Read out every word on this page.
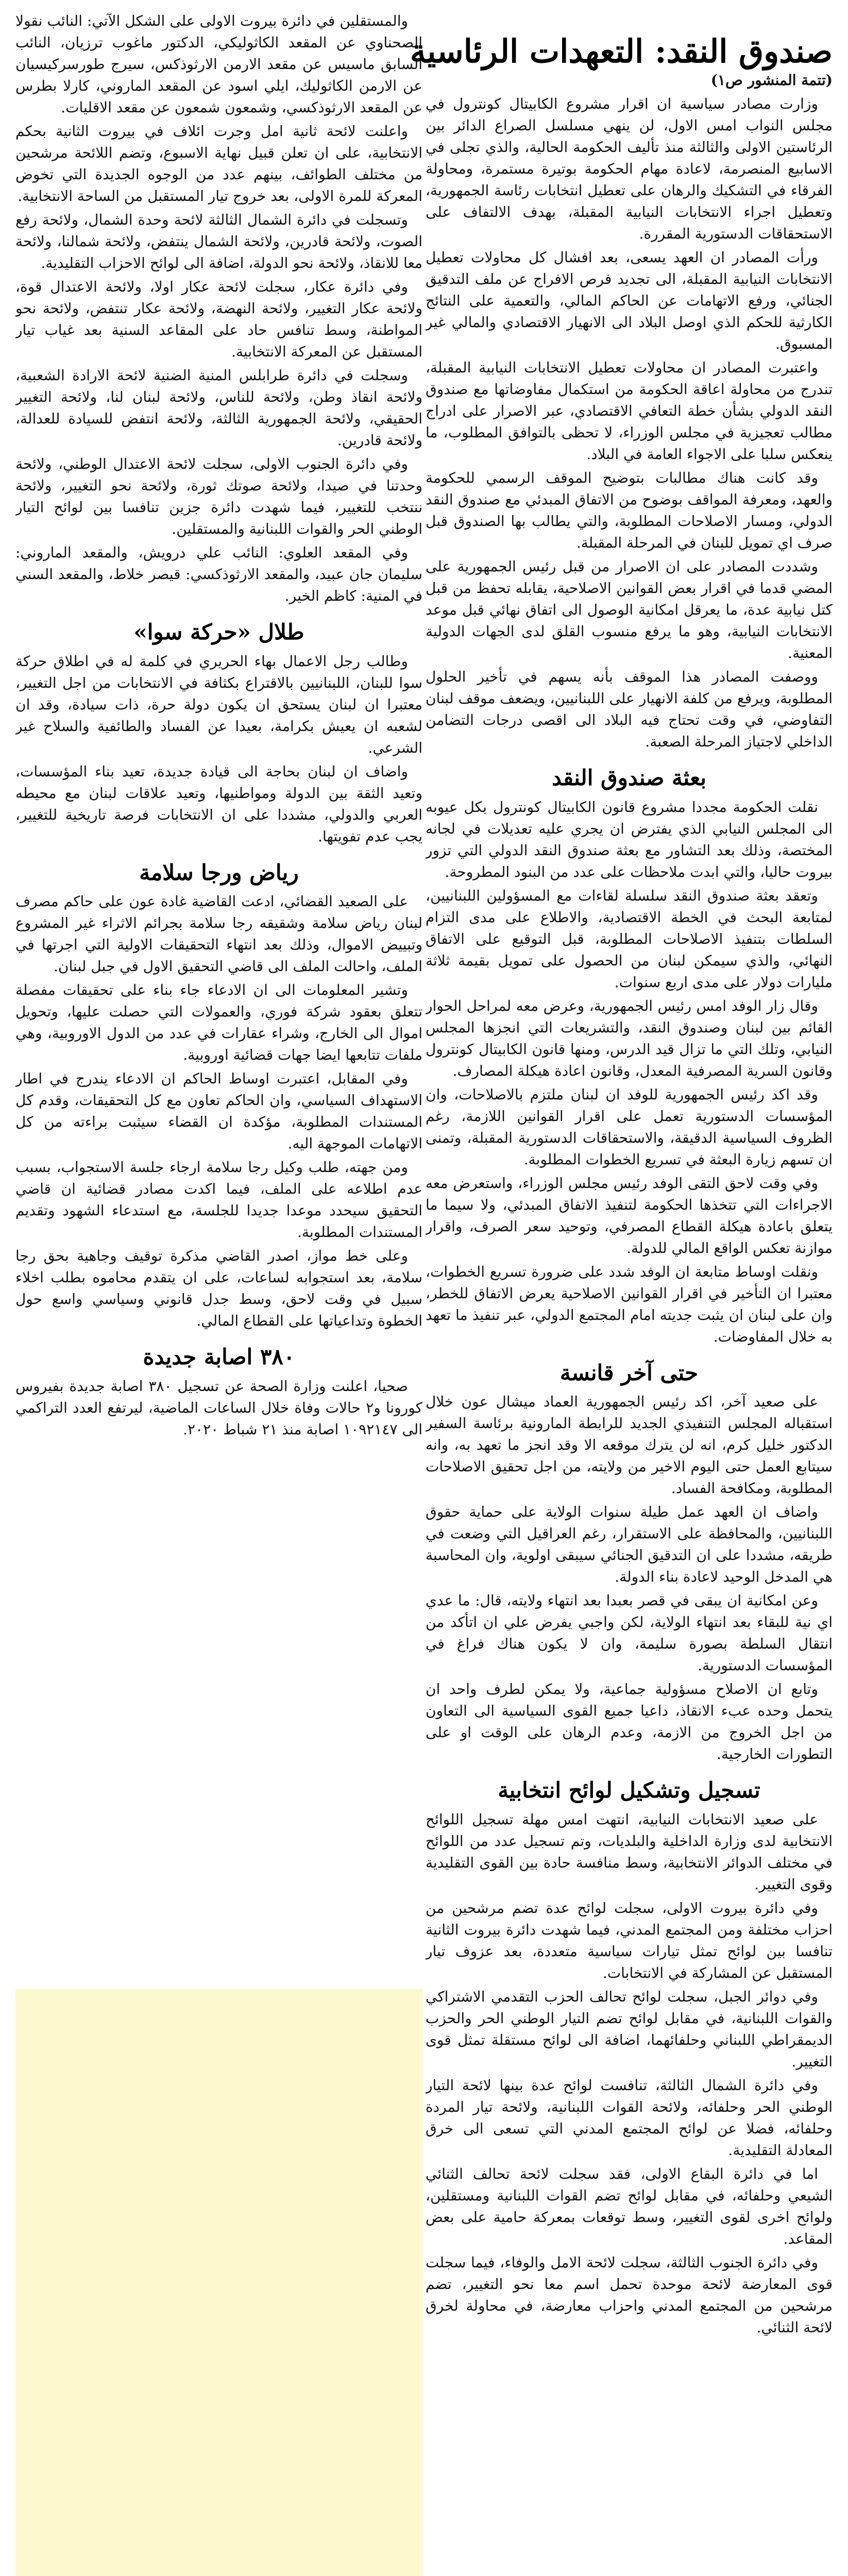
صندوق النقد: التعهدات الرئاسية

(تتمة المنشور ص١)

وزارت مصادر سياسية ان اقرار مشروع الكابيتال كونترول في مجلس النواب امس الاول، لن ينهي مسلسل الصراع الدائر بين الرئاستين الاولى والثالثة منذ تأليف الحكومة الحالية، والذي تجلى في الاسابيع المنصرمة، لاعادة مهام الحكومة بوتيرة مستمرة، ومحاولة الفرقاء في التشكيك والرهان على تعطيل انتخابات رئاسة الجمهورية، وتعطيل اجراء الانتخابات النيابية المقبلة، بهدف الالتفاف على الاستحقاقات الدستورية المقررة.

ورأت المصادر ان العهد يسعى، بعد افشال كل محاولات تعطيل الانتخابات النيابية المقبلة، الى تجديد فرص الافراج عن ملف التدقيق الجنائي، ورفع الاتهامات عن الحاكم المالي، والتعمية على النتائج الكارثية للحكم الذي اوصل البلاد الى الانهيار الاقتصادي والمالي غير المسبوق.

واعتبرت المصادر ان محاولات تعطيل الانتخابات النيابية المقبلة، تندرج من محاولة اعاقة الحكومة من استكمال مفاوضاتها مع صندوق النقد الدولي بشأن خطة التعافي الاقتصادي، عبر الاصرار على ادراج مطالب تعجيزية في مجلس الوزراء، لا تحظى بالتوافق المطلوب، ما ينعكس سلبا على الاجواء العامة في البلاد.

وقد كانت هناك مطالبات بتوضيح الموقف الرسمي للحكومة والعهد، ومعرفة المواقف بوضوح من الاتفاق المبدئي مع صندوق النقد الدولي، ومسار الاصلاحات المطلوبة، والتي يطالب بها الصندوق قبل صرف اي تمويل للبنان في المرحلة المقبلة.

وشددت المصادر على ان الاصرار من قبل رئيس الجمهورية على المضي قدما في اقرار بعض القوانين الاصلاحية، يقابله تحفظ من قبل كتل نيابية عدة، ما يعرقل امكانية الوصول الى اتفاق نهائي قبل موعد الانتخابات النيابية، وهو ما يرفع منسوب القلق لدى الجهات الدولية المعنية.

ووصفت المصادر هذا الموقف بأنه يسهم في تأخير الحلول المطلوبة، ويرفع من كلفة الانهيار على اللبنانيين، ويضعف موقف لبنان التفاوضي، في وقت تحتاج فيه البلاد الى اقصى درجات التضامن الداخلي لاجتياز المرحلة الصعبة.

بعثة صندوق النقد

نقلت الحكومة مجددا مشروع قانون الكابيتال كونترول بكل عيوبه الى المجلس النيابي الذي يفترض ان يجري عليه تعديلات في لجانه المختصة، وذلك بعد التشاور مع بعثة صندوق النقد الدولي التي تزور بيروت حاليا، والتي ابدت ملاحظات على عدد من البنود المطروحة.

وتعقد بعثة صندوق النقد سلسلة لقاءات مع المسؤولين اللبنانيين، لمتابعة البحث في الخطة الاقتصادية، والاطلاع على مدى التزام السلطات بتنفيذ الاصلاحات المطلوبة، قبل التوقيع على الاتفاق النهائي، والذي سيمكن لبنان من الحصول على تمويل بقيمة ثلاثة مليارات دولار على مدى اربع سنوات.

وقال زار الوفد امس رئيس الجمهورية، وعرض معه لمراحل الحوار القائم بين لبنان وصندوق النقد، والتشريعات التي انجزها المجلس النيابي، وتلك التي ما تزال قيد الدرس، ومنها قانون الكابيتال كونترول وقانون السرية المصرفية المعدل، وقانون اعادة هيكلة المصارف.

وقد اكد رئيس الجمهورية للوفد ان لبنان ملتزم بالاصلاحات، وان المؤسسات الدستورية تعمل على اقرار القوانين اللازمة، رغم الظروف السياسية الدقيقة، والاستحقاقات الدستورية المقبلة، وتمنى ان تسهم زيارة البعثة في تسريع الخطوات المطلوبة.

وفي وقت لاحق التقى الوفد رئيس مجلس الوزراء، واستعرض معه الاجراءات التي تتخذها الحكومة لتنفيذ الاتفاق المبدئي، ولا سيما ما يتعلق باعادة هيكلة القطاع المصرفي، وتوحيد سعر الصرف، واقرار موازنة تعكس الواقع المالي للدولة.

ونقلت اوساط متابعة ان الوفد شدد على ضرورة تسريع الخطوات، معتبرا ان التأخير في اقرار القوانين الاصلاحية يعرض الاتفاق للخطر، وان على لبنان ان يثبت جديته امام المجتمع الدولي، عبر تنفيذ ما تعهد به خلال المفاوضات.

حتى آخر قانسة

على صعيد آخر، اكد رئيس الجمهورية العماد ميشال عون خلال استقباله المجلس التنفيذي الجديد للرابطة المارونية برئاسة السفير الدكتور خليل كرم، انه لن يترك موقعه الا وقد انجز ما تعهد به، وانه سيتابع العمل حتى اليوم الاخير من ولايته، من اجل تحقيق الاصلاحات المطلوبة، ومكافحة الفساد.

واضاف ان العهد عمل طيلة سنوات الولاية على حماية حقوق اللبنانيين، والمحافظة على الاستقرار، رغم العراقيل التي وضعت في طريقه، مشددا على ان التدقيق الجنائي سيبقى اولوية، وان المحاسبة هي المدخل الوحيد لاعادة بناء الدولة.

وعن امكانية ان يبقى في قصر بعبدا بعد انتهاء ولايته، قال: ما عدي اي نية للبقاء بعد انتهاء الولاية، لكن واجبي يفرض علي ان اتأكد من انتقال السلطة بصورة سليمة، وان لا يكون هناك فراغ في المؤسسات الدستورية.

وتابع ان الاصلاح مسؤولية جماعية، ولا يمكن لطرف واحد ان يتحمل وحده عبء الانقاذ، داعيا جميع القوى السياسية الى التعاون من اجل الخروج من الازمة، وعدم الرهان على الوقت او على التطورات الخارجية.

تسجيل وتشكيل لوائح انتخابية

على صعيد الانتخابات النيابية، انتهت امس مهلة تسجيل اللوائح الانتخابية لدى وزارة الداخلية والبلديات، وتم تسجيل عدد من اللوائح في مختلف الدوائر الانتخابية، وسط منافسة حادة بين القوى التقليدية وقوى التغيير.

وفي دائرة بيروت الاولى، سجلت لوائح عدة تضم مرشحين من احزاب مختلفة ومن المجتمع المدني، فيما شهدت دائرة بيروت الثانية تنافسا بين لوائح تمثل تيارات سياسية متعددة، بعد عزوف تيار المستقبل عن المشاركة في الانتخابات.

وفي دوائر الجبل، سجلت لوائح تحالف الحزب التقدمي الاشتراكي والقوات اللبنانية، في مقابل لوائح تضم التيار الوطني الحر والحزب الديمقراطي اللبناني وحلفائهما، اضافة الى لوائح مستقلة تمثل قوى التغيير.

وفي دائرة الشمال الثالثة، تنافست لوائح عدة بينها لائحة التيار الوطني الحر وحلفائه، ولائحة القوات اللبنانية، ولائحة تيار المردة وحلفائه، فضلا عن لوائح المجتمع المدني التي تسعى الى خرق المعادلة التقليدية.

اما في دائرة البقاع الاولى، فقد سجلت لائحة تحالف الثنائي الشيعي وحلفائه، في مقابل لوائح تضم القوات اللبنانية ومستقلين، ولوائح اخرى لقوى التغيير، وسط توقعات بمعركة حامية على بعض المقاعد.

وفي دائرة الجنوب الثالثة، سجلت لائحة الامل والوفاء، فيما سجلت قوى المعارضة لائحة موحدة تحمل اسم معا نحو التغيير، تضم مرشحين من المجتمع المدني واحزاب معارضة، في محاولة لخرق لائحة الثنائي.

والمستقلين في دائرة بيروت الاولى على الشكل الآتي: النائب نقولا الصحناوي عن المقعد الكاثوليكي، الدكتور ماغوب ترزيان، النائب السابق ماسيس عن مقعد الارمن الارثوذكس، سيرج طورسركيسيان عن الارمن الكاثوليك، ايلي اسود عن المقعد الماروني، كارلا بطرس عن المقعد الارثوذكسي، وشمعون شمعون عن مقعد الاقليات.

واعلنت لائحة ثانية امل وجرت ائلاف في بيروت الثانية بحكم الانتخابية، على ان تعلن قبيل نهاية الاسبوع، وتضم اللائحة مرشحين من مختلف الطوائف، بينهم عدد من الوجوه الجديدة التي تخوض المعركة للمرة الاولى، بعد خروج تيار المستقبل من الساحة الانتخابية.

وتسجلت في دائرة الشمال الثالثة لائحة وحدة الشمال، ولائحة رفع الصوت، ولائحة قادرين، ولائحة الشمال ينتفض، ولائحة شمالنا، ولائحة معا للانقاذ، ولائحة نحو الدولة، اضافة الى لوائح الاحزاب التقليدية.

وفي دائرة عكار، سجلت لائحة عكار اولا، ولائحة الاعتدال قوة، ولائحة عكار التغيير، ولائحة النهضة، ولائحة عكار تنتفض، ولائحة نحو المواطنة، وسط تنافس حاد على المقاعد السنية بعد غياب تيار المستقبل عن المعركة الانتخابية.

وسجلت في دائرة طرابلس المنية الضنية لائحة الارادة الشعبية، ولائحة انقاذ وطن، ولائحة للناس، ولائحة لبنان لنا، ولائحة التغيير الحقيقي، ولائحة الجمهورية الثالثة، ولائحة انتفض للسيادة للعدالة، ولائحة قادرين.

وفي دائرة الجنوب الاولى، سجلت لائحة الاعتدال الوطني، ولائحة وحدتنا في صيدا، ولائحة صوتك ثورة، ولائحة نحو التغيير، ولائحة ننتخب للتغيير، فيما شهدت دائرة جزين تنافسا بين لوائح التيار الوطني الحر والقوات اللبنانية والمستقلين.

وفي المقعد العلوي: النائب علي درويش، والمقعد الماروني: سليمان جان عبيد، والمقعد الارثوذكسي: قيصر خلاط، والمقعد السني في المنية: كاظم الخير.

طلال «حركة سوا»

وطالب رجل الاعمال بهاء الحريري في كلمة له في اطلاق حركة سوا للبنان، اللبنانيين بالاقتراع بكثافة في الانتخابات من اجل التغيير، معتبرا ان لبنان يستحق ان يكون دولة حرة، ذات سيادة، وقد ان لشعبه ان يعيش بكرامة، بعيدا عن الفساد والطائفية والسلاح غير الشرعي.

واضاف ان لبنان بحاجة الى قيادة جديدة، تعيد بناء المؤسسات، وتعيد الثقة بين الدولة ومواطنيها، وتعيد علاقات لبنان مع محيطه العربي والدولي، مشددا على ان الانتخابات فرصة تاريخية للتغيير، يجب عدم تفويتها.

رياض ورجا سلامة

على الصعيد القضائي، ادعت القاضية غادة عون على حاكم مصرف لبنان رياض سلامة وشقيقه رجا سلامة بجرائم الاثراء غير المشروع وتبييض الاموال، وذلك بعد انتهاء التحقيقات الاولية التي اجرتها في الملف، واحالت الملف الى قاضي التحقيق الاول في جبل لبنان.

وتشير المعلومات الى ان الادعاء جاء بناء على تحقيقات مفصلة تتعلق بعقود شركة فوري، والعمولات التي حصلت عليها، وتحويل اموال الى الخارج، وشراء عقارات في عدد من الدول الاوروبية، وهي ملفات تتابعها ايضا جهات قضائية اوروبية.

وفي المقابل، اعتبرت اوساط الحاكم ان الادعاء يندرج في اطار الاستهداف السياسي، وان الحاكم تعاون مع كل التحقيقات، وقدم كل المستندات المطلوبة، مؤكدة ان القضاء سيثبت براءته من كل الاتهامات الموجهة اليه.

ومن جهته، طلب وكيل رجا سلامة ارجاء جلسة الاستجواب، بسبب عدم اطلاعه على الملف، فيما اكدت مصادر قضائية ان قاضي التحقيق سيحدد موعدا جديدا للجلسة، مع استدعاء الشهود وتقديم المستندات المطلوبة.

وعلى خط مواز، اصدر القاضي مذكرة توقيف وجاهية بحق رجا سلامة، بعد استجوابه لساعات، على ان يتقدم محاموه بطلب اخلاء سبيل في وقت لاحق، وسط جدل قانوني وسياسي واسع حول الخطوة وتداعياتها على القطاع المالي.

٣٨٠ اصابة جديدة

صحيا، اعلنت وزارة الصحة عن تسجيل ٣٨٠ اصابة جديدة بفيروس كورونا و٢ حالات وفاة خلال الساعات الماضية، ليرتفع العدد التراكمي الى ١٠٩٢١٤٧ اصابة منذ ٢١ شباط ٢٠٢٠.
